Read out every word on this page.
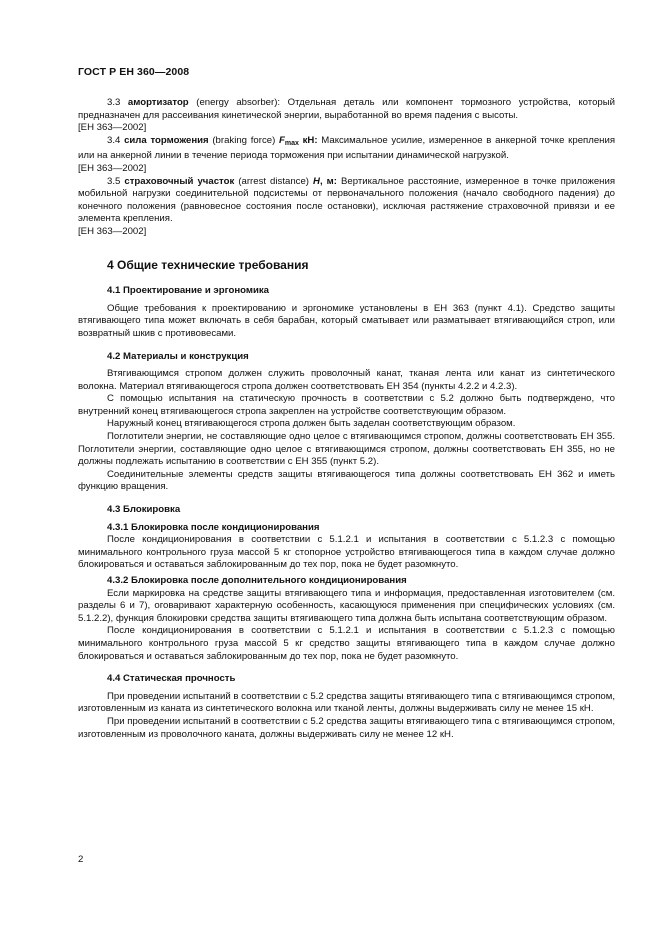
ГОСТ Р ЕН 360—2008

3.3 амортизатор (energy absorber): Отдельная деталь или компонент тормозного устройства, который предназначен для рассеивания кинетической энергии, выработанной во время падения с высоты.

[ЕН 363—2002]

3.4 сила торможения (braking force) $F_{max}$ кН: Максимальное усилие, измеренное в анкерной точке крепления или на анкерной линии в течение периода торможения при испытании динамической нагрузкой.

[ЕН 363—2002]

3.5 страховочный участок (arrest distance) H, м: Вертикальное расстояние, измеренное в точке приложения мобильной нагрузки соединительной подсистемы от первоначального положения (начало свободного падения) до конечного положения (равновесное состояния после остановки), исключая растяжение страховочной привязи и ее элемента крепления.

[ЕН 363—2002]

4 Общие технические требования
4.1 Проектирование и эргономика

Общие требования к проектированию и эргономике установлены в ЕН 363 (пункт 4.1). Средство защиты втягивающего типа может включать в себя барабан, который сматывает или разматывает втягивающийся строп, или возвратный шкив с противовесами.

4.2 Материалы и конструкция

Втягивающимся стропом должен служить проволочный канат, тканая лента или канат из синтетического волокна. Материал втягивающегося стропа должен соответствовать ЕН 354 (пункты 4.2.2 и 4.2.3).

С помощью испытания на статическую прочность в соответствии с 5.2 должно быть подтверждено, что внутренний конец втягивающегося стропа закреплен на устройстве соответствующим образом.

Наружный конец втягивающегося стропа должен быть заделан соответствующим образом.

Поглотители энергии, не составляющие одно целое с втягивающимся стропом, должны соответствовать ЕН 355. Поглотители энергии, составляющие одно целое с втягивающимся стропом, должны соответствовать ЕН 355, но не должны подлежать испытанию в соответствии с ЕН 355 (пункт 5.2).

Соединительные элементы средств защиты втягивающегося типа должны соответствовать ЕН 362 и иметь функцию вращения.

4.3 Блокировка
4.3.1 Блокировка после кондиционирования

После кондиционирования в соответствии с 5.1.2.1 и испытания в соответствии с 5.1.2.3 с помощью минимального контрольного груза массой 5 кг стопорное устройство втягивающегося типа в каждом случае должно блокироваться и оставаться заблокированным до тех пор, пока не будет разомкнуто.

4.3.2 Блокировка после дополнительного кондиционирования

Если маркировка на средстве защиты втягивающего типа и информация, предоставленная изготовителем (см. разделы 6 и 7), оговаривают характерную особенность, касающуюся применения при специфических условиях (см. 5.1.2.2), функция блокировки средства защиты втягивающего типа должна быть испытана соответствующим образом.

После кондиционирования в соответствии с 5.1.2.1 и испытания в соответствии с 5.1.2.3 с помощью минимального контрольного груза массой 5 кг средство защиты втягивающего типа в каждом случае должно блокироваться и оставаться заблокированным до тех пор, пока не будет разомкнуто.

4.4 Статическая прочность

При проведении испытаний в соответствии с 5.2 средства защиты втягивающего типа с втягивающимся стропом, изготовленным из каната из синтетического волокна или тканой ленты, должны выдерживать силу не менее 15 кН.

При проведении испытаний в соответствии с 5.2 средства защиты втягивающего типа с втягивающимся стропом, изготовленным из проволочного каната, должны выдерживать силу не менее 12 кН.

2
